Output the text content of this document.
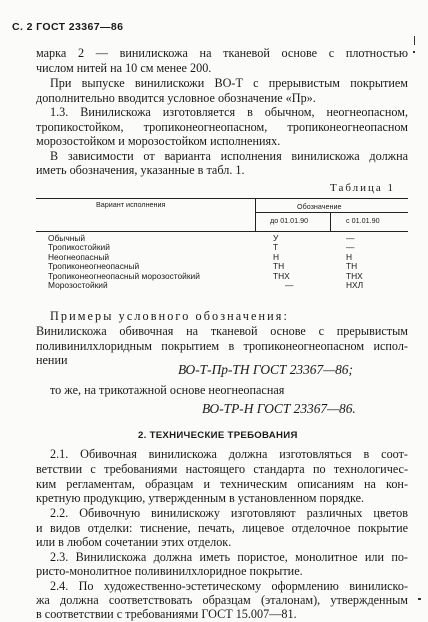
С. 2 ГОСТ 23367—86
марка 2 — винилискожа на тканевой основе с плотностью
числом нитей на 10 см менее 200.
При выпуске винилискожи ВО-Т с прерывистым покрытием
дополнительно вводится условное обозначение «Пр».
1.3. Винилискожа изготовляется в обычном, неогнеопасном,
тропикостойком, тропиконеогнеопасном, тропиконеогнеопасном
морозостойком и морозостойком исполнениях.
В зависимости от варианта исполнения винилискожа должна
иметь обозначения, указанные в табл. 1.
Таблица 1
Вариант исполнения	Обозначение
до 01.01.90	с 01.01.90
Обычный	У	—
Тропикостойкий	Т	—
Неогнеопасный	Н	Н
Тропиконеогнеопасный	ТН	ТН
Тропиконеогнеопасный морозостойкий	ТНХ	ТНХ
Морозостойкий	—	НХЛ
Примеры условного обозначения:
Винилискожа обивочная на тканевой основе с прерывистым
поливинилхлоридным покрытием в тропиконеогнеопасном испол-
нении
ВО-Т-Пр-ТН ГОСТ 23367—86;
то же, на трикотажной основе неогнеопасная
ВО-ТР-Н ГОСТ 23367—86.
2. ТЕХНИЧЕСКИЕ ТРЕБОВАНИЯ
2.1. Обивочная винилискожа должна изготовляться в соот-
ветствии с требованиями настоящего стандарта по технологичес-
ким регламентам, образцам и техническим описаниям на кон-
кретную продукцию, утвержденным в установленном порядке.
2.2. Обивочную винилискожу изготовляют различных цветов
и видов отделки: тиснение, печать, лицевое отделочное покрытие
или в любом сочетании этих отделок.
2.3. Винилискожа должна иметь пористое, монолитное или по-
ристо-монолитное поливинилхлоридное покрытие.
2.4. По художественно-эстетическому оформлению винилиско-
жа должна соответствовать образцам (эталонам), утвержденным
в соответствии с требованиями ГОСТ 15.007—81.
